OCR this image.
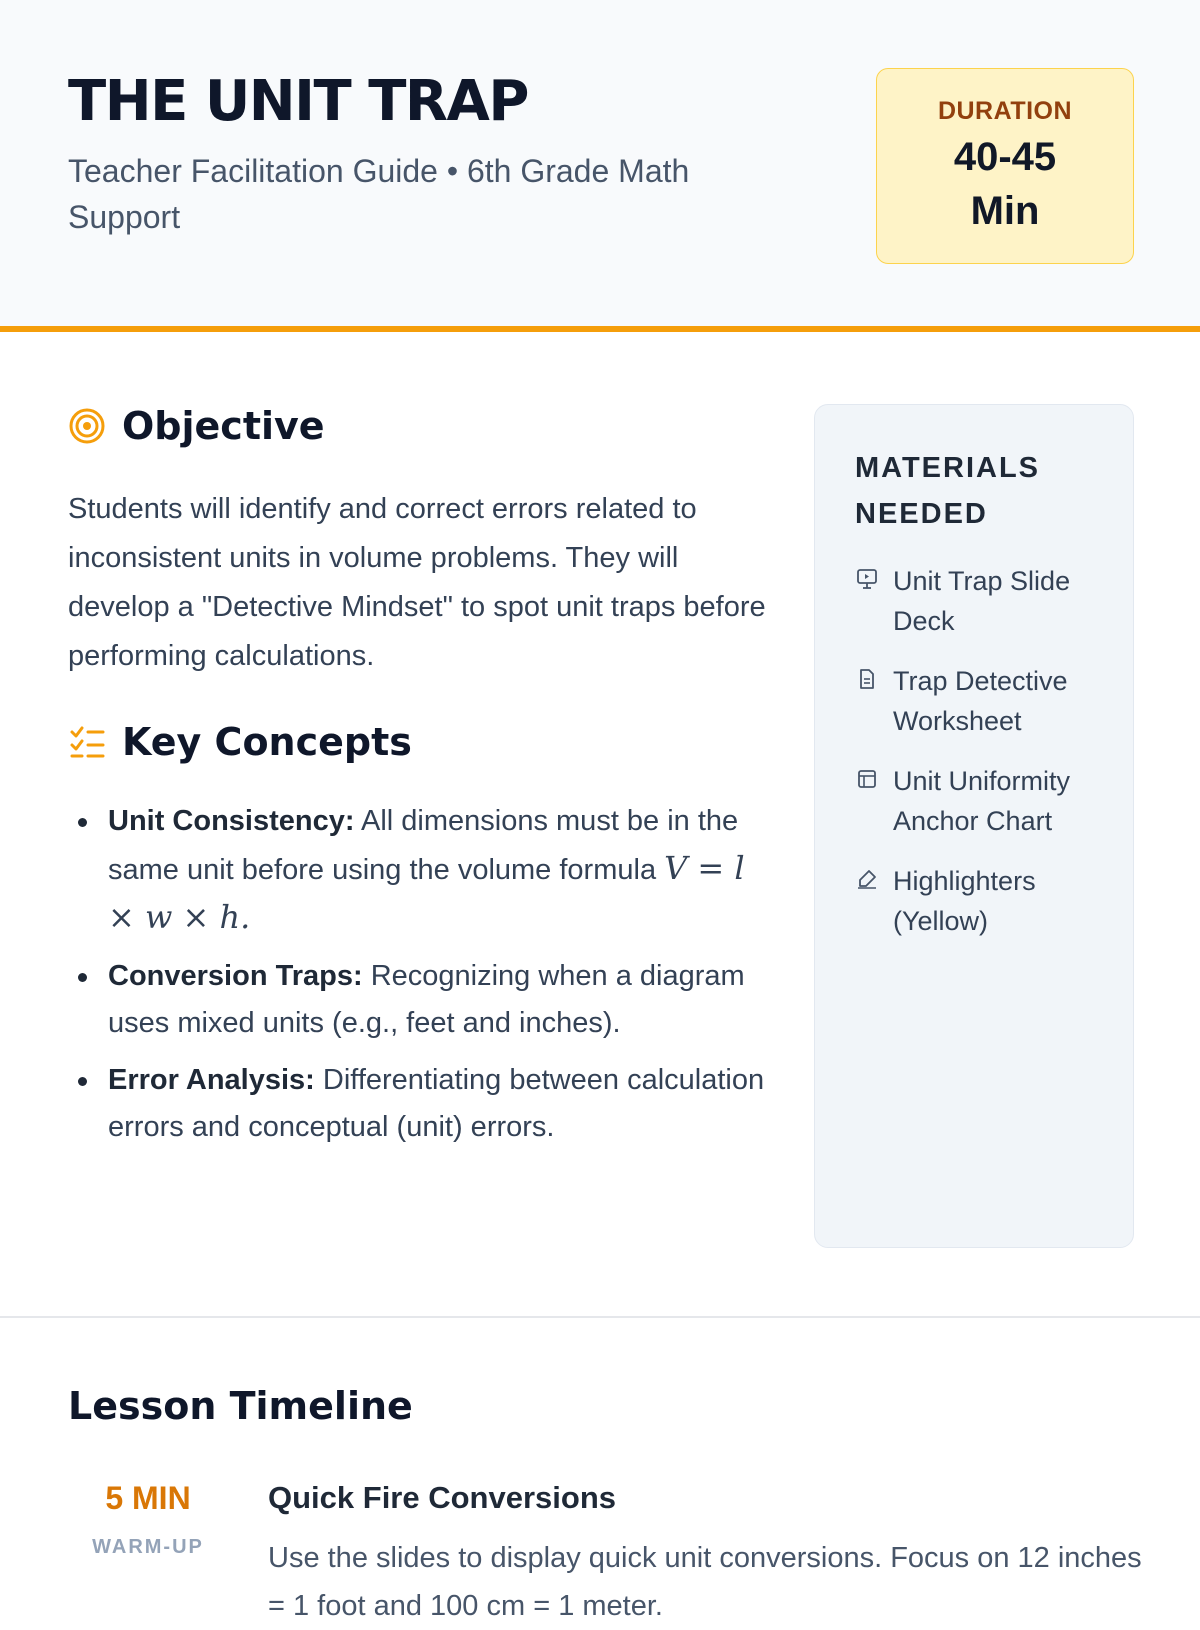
THE UNIT TRAP
Teacher Facilitation Guide • 6th Grade Math Support
DURATION
40-45
Min
Objective

Students will identify and correct errors related to inconsistent units in volume problems. They will develop a "Detective Mindset" to spot unit traps before performing calculations.

Key Concepts
Unit Consistency: All dimensions must be in the same unit before using the volume formula V = l × w × h.
Conversion Traps: Recognizing when a diagram uses mixed units (e.g., feet and inches).
Error Analysis: Differentiating between calculation errors and conceptual (unit) errors.
MATERIALS
NEEDED
Unit Trap Slide Deck
Trap Detective Worksheet
Unit Uniformity Anchor Chart
Highlighters (Yellow)
Lesson Timeline
5 MIN
WARM-UP
Quick Fire Conversions
Use the slides to display quick unit conversions. Focus on 12 inches = 1 foot and 100 cm = 1 meter.
